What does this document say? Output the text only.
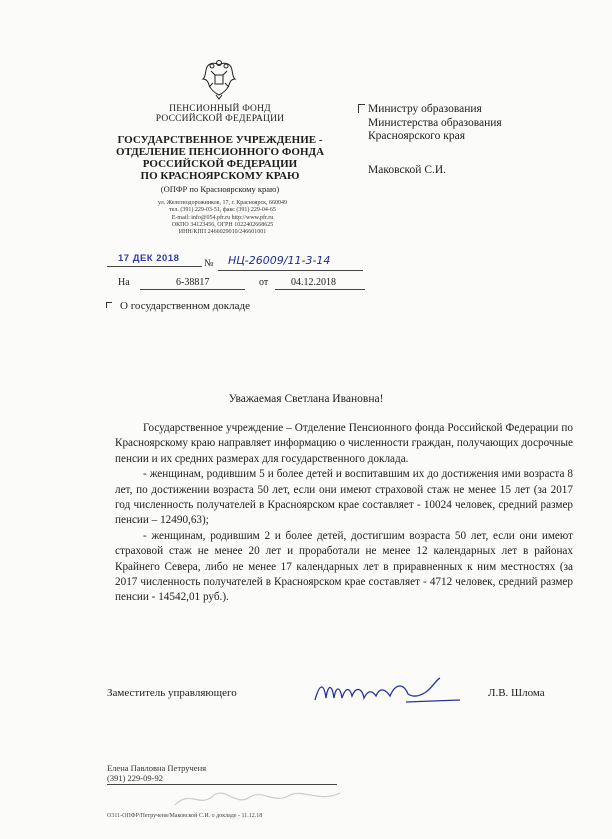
ПЕНСИОННЫЙ ФОНД
РОССИЙСКОЙ ФЕДЕРАЦИИ
ГОСУДАРСТВЕННОЕ УЧРЕЖДЕНИЕ -
ОТДЕЛЕНИЕ ПЕНСИОННОГО ФОНДА
РОССИЙСКОЙ ФЕДЕРАЦИИ
ПО КРАСНОЯРСКОМУ КРАЮ
(ОПФР по Красноярскому краю)
ул. Железнодорожников, 17, г. Красноярск, 660049
тел. (391) 229-03-51, факс (391) 229-04-65
E-mail: info@054.pfr.ru http://www.pfr.ru
ОКПО 34123456, ОГРН 1022402668625
ИНН/КПП 2466029010/246601001
Министру образования
Министерства образования
Красноярского края
Маковской С.И.
17 ДЕК 2018 № НЦ-26009/11-3-14
На	6-38817	от 04.12.2018
О государственном докладе
Уважаемая Светлана Ивановна!

Государственное учреждение – Отделение Пенсионного фонда Российской Федерации по Красноярскому краю направляет информацию о численности граждан, получающих досрочные пенсии и их средних размерах для государственного доклада.

- женщинам, родившим 5 и более детей и воспитавшим их до достижения ими возраста 8 лет, по достижении возраста 50 лет, если они имеют страховой стаж не менее 15 лет (за 2017 год численность получателей в Красноярском крае составляет - 10024 человек, средний размер пенсии – 12490,63);

- женщинам, родившим 2 и более детей, достигшим возраста 50 лет, если они имеют страховой стаж не менее 20 лет и проработали не менее 12 календарных лет в районах Крайнего Севера, либо не менее 17 календарных лет в приравненных к ним местностях (за 2017 численность получателей в Красноярском крае составляет - 4712 человек, средний размер пенсии - 14542,01 руб.).

Заместитель управляющего	Л.В. Шлома
Елена Павловна Петрученя
(391) 229-09-92
О311-ОПФР/Петрученя/Маковской С.И. о докладе - 11.12.18
